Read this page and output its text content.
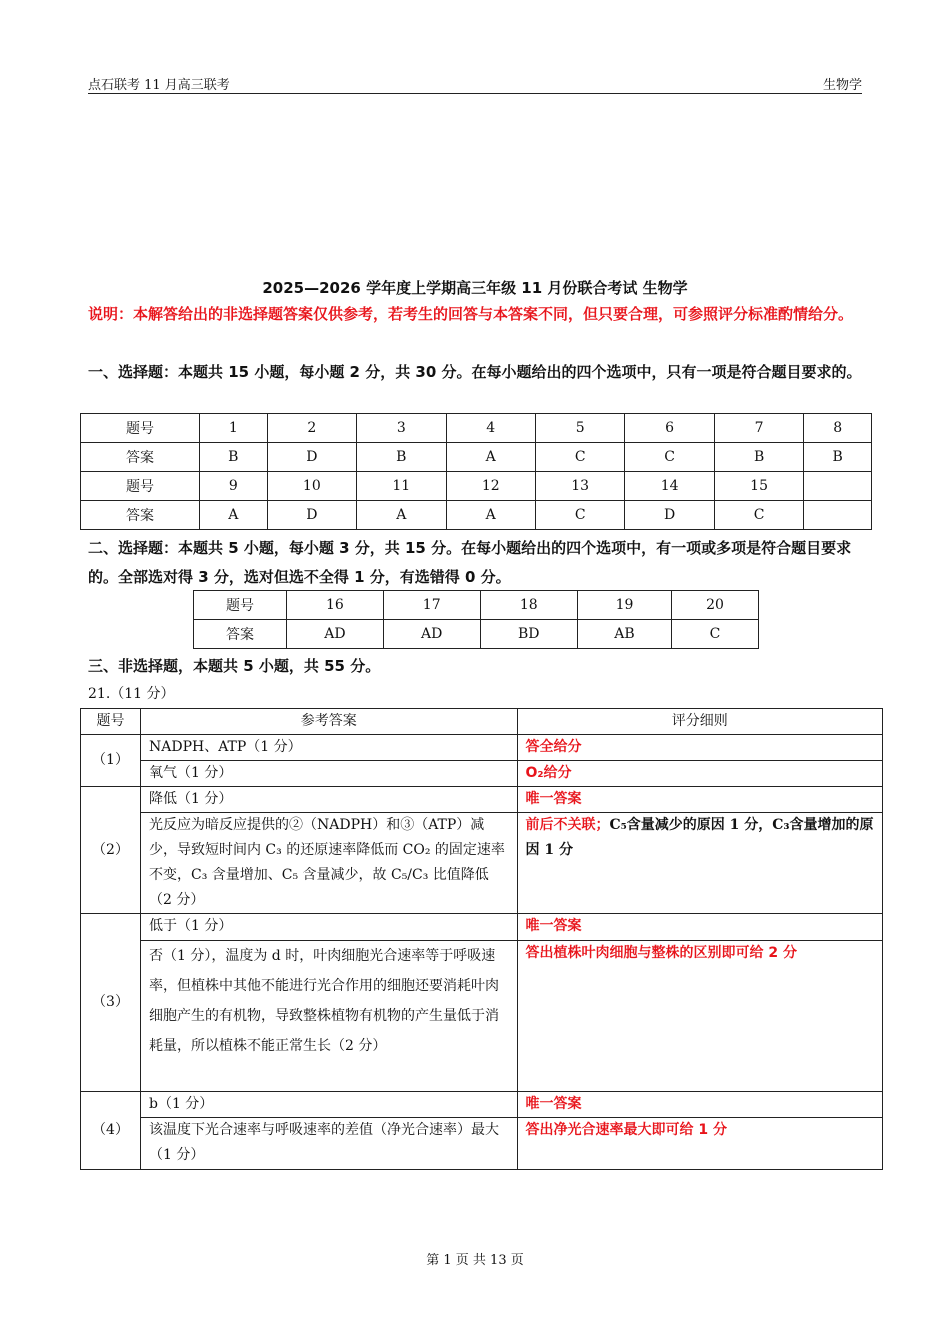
点石联考 11 月高三联考	生物学
2025—2026 学年度上学期高三年级 11 月份联合考试 生物学
说明：本解答给出的非选择题答案仅供参考，若考生的回答与本答案不同，但只要合理，可参照评分标准酌情给分。
一、选择题：本题共 15 小题，每小题 2 分，共 30 分。在每小题给出的四个选项中，只有一项是符合题目要求的。
题号	1	2	3	4	5	6	7	8
答案	B	D	B	A	C	C	B	B
题号	9	10	11	12	13	14	15	
答案	A	D	A	A	C	D	C	
二、选择题：本题共 5 小题，每小题 3 分，共 15 分。在每小题给出的四个选项中，有一项或多项是符合题目要求的。全部选对得 3 分，选对但选不全得 1 分，有选错得 0 分。
题号	16	17	18	19	20
答案	AD	AD	BD	AB	C
三、非选择题，本题共 5 小题，共 55 分。
21.（11 分）
题号	参考答案	评分细则
（1）	NADPH、ATP（1 分）	答全给分
	氧气（1 分）	O₂给分
（2）	降低（1 分）	唯一答案
	光反应为暗反应提供的②（NADPH）和③（ATP）减少，导致短时间内 C₃ 的还原速率降低而 CO₂ 的固定速率不变，C₃ 含量增加、C₅ 含量减少，故 C₅/C₃ 比值降低（2 分）	前后不关联；C₅含量减少的原因 1 分，C₃含量增加的原因 1 分
（3）	低于（1 分）	唯一答案
	否（1 分），温度为 d 时，叶肉细胞光合速率等于呼吸速率，但植株中其他不能进行光合作用的细胞还要消耗叶肉细胞产生的有机物，导致整株植物有机物的产生量低于消耗量，所以植株不能正常生长（2 分）	答出植株叶肉细胞与整株的区别即可给 2 分
（4）	b（1 分）	唯一答案
	该温度下光合速率与呼吸速率的差值（净光合速率）最大（1 分）	答出净光合速率最大即可给 1 分
第 1 页 共 13 页
